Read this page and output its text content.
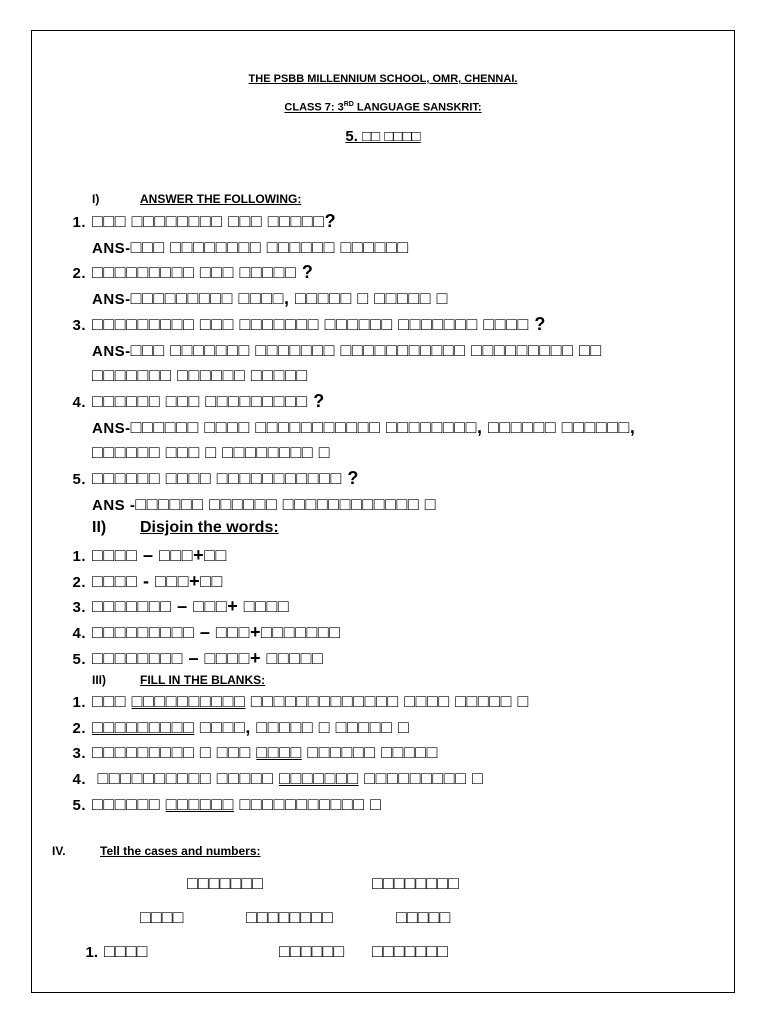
THE PSBB MILLENNIUM SCHOOL, OMR, CHENNAI.
CLASS 7: 3RD LANGUAGE SANSKRIT:
5. □□ □□□□
I)	ANSWER THE FOLLOWING:
1. □□□ □□□□□□□□ □□□ □□□□□?
ANS-□□□ □□□□□□□□ □□□□□□ □□□□□□
2. □□□□□□□□□ □□□ □□□□□ ?
ANS-□□□□□□□□□ □□□□, □□□□□ □ □□□□□ □
3. □□□□□□□□□ □□□ □□□□□□□ □□□□□□ □□□□□□□ □□□□ ?
ANS-□□□ □□□□□□□ □□□□□□□ □□□□□□□□□□□ □□□□□□□□□ □□
□□□□□□□ □□□□□□ □□□□□
4. □□□□□□ □□□ □□□□□□□□□ ?
ANS-□□□□□□ □□□□ □□□□□□□□□□□ □□□□□□□□, □□□□□□ □□□□□□,
□□□□□□ □□□ □ □□□□□□□□ □
5. □□□□□□ □□□□ □□□□□□□□□□□ ?
ANS -□□□□□□ □□□□□□ □□□□□□□□□□□□ □
II) Disjoin the words:
1. □□□□ – □□□+□□
2. □□□□ - □□□+□□
3. □□□□□□□ – □□□+ □□□□
4. □□□□□□□□□ – □□□+□□□□□□□
5. □□□□□□□□ – □□□□+ □□□□□
III)	FILL IN THE BLANKS:
1. □□□ □□□□□□□□□□ □□□□□□□□□□□□□ □□□□ □□□□□ □
2. □□□□□□□□□ □□□□, □□□□□ □ □□□□□ □
3. □□□□□□□□□ □ □□□ □□□□ □□□□□□ □□□□□
4. □□□□□□□□□□ □□□□□ □□□□□□□ □□□□□□□□□ □
5. □□□□□□ □□□□□□ □□□□□□□□□□□ □
IV.	Tell the cases and numbers:
□□□□□□□	□□□□□□□□
□□□□	□□□□□□□□	□□□□□
1. □□□□	□□□□□□ □□□□□□□
